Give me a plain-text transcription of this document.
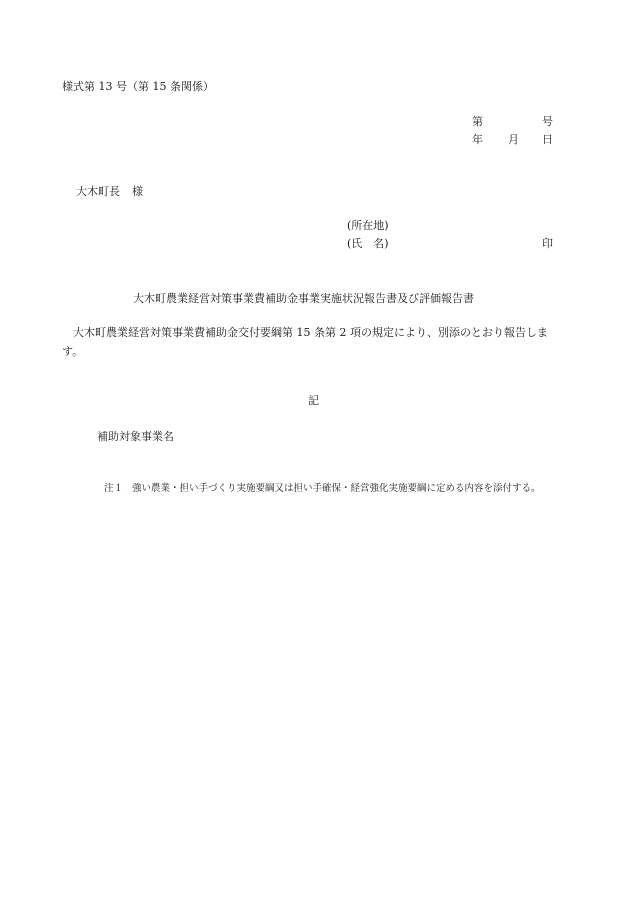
様式第 13 号（第 15 条関係）
第	号
年 月 日
大木町長 様
(所在地)
(氏　名)	印
大木町農業経営対策事業費補助金事業実施状況報告書及び評価報告書
大木町農業経営対策事業費補助金交付要綱第 15 条第 2 項の規定により、別添のとおり報告します。
記
補助対象事業名
注１ 強い農業・担い手づくり実施要綱又は担い手確保・経営強化実施要綱に定める内容を添付する。
